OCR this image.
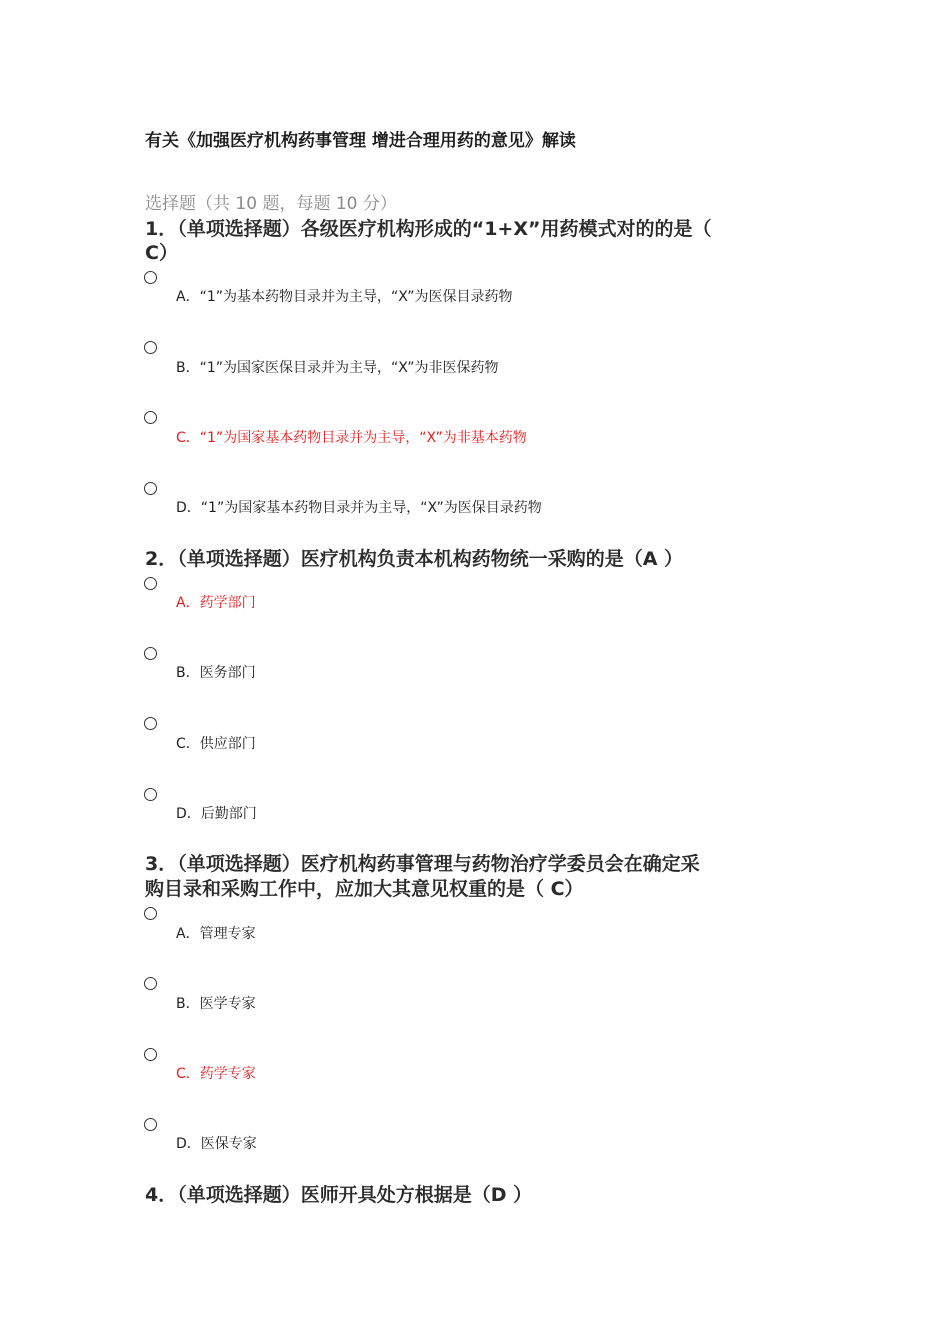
有关《加强医疗机构药事管理 增进合理用药的意见》解读
选择题（共 10 题，每题 10 分）
1．（单项选择题）各级医疗机构形成的“1+X”用药模式对的的是（
C）
A．“1”为基本药物目录并为主导，“X”为医保目录药物
B．“1”为国家医保目录并为主导，“X”为非医保药物
C．“1”为国家基本药物目录并为主导，“X”为非基本药物
D．“1”为国家基本药物目录并为主导，“X”为医保目录药物
2．（单项选择题）医疗机构负责本机构药物统一采购的是（A ）
A．药学部门
B．医务部门
C．供应部门
D．后勤部门
3．（单项选择题）医疗机构药事管理与药物治疗学委员会在确定采
购目录和采购工作中，应加大其意见权重的是（ C）
A．管理专家
B．医学专家
C．药学专家
D．医保专家
4．（单项选择题）医师开具处方根据是（D ）
